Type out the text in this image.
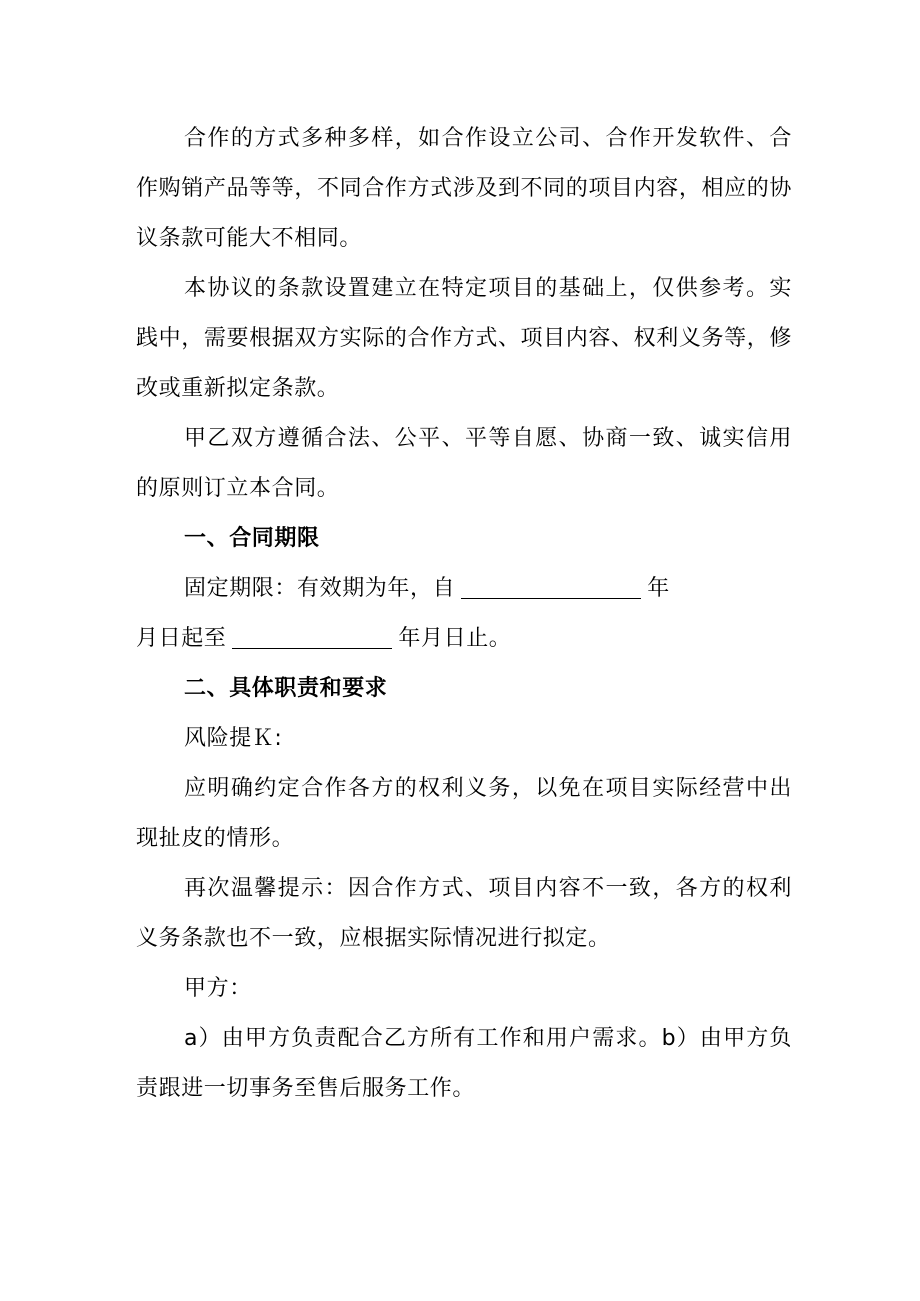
合作的方式多种多样，如合作设立公司、合作开发软件、合作购销产品等等，不同合作方式涉及到不同的项目内容，相应的协议条款可能大不相同。

本协议的条款设置建立在特定项目的基础上，仅供参考。实践中，需要根据双方实际的合作方式、项目内容、权利义务等，修改或重新拟定条款。

甲乙双方遵循合法、公平、平等自愿、协商一致、诚实信用的原则订立本合同。

一、合同期限

固定期限：有效期为年，自	年

月日起至	年月日止。

二、具体职责和要求

风险提Ｋ:

应明确约定合作各方的权利义务，以免在项目实际经营中出现扯皮的情形。

再次温馨提示：因合作方式、项目内容不一致，各方的权利义务条款也不一致，应根据实际情况进行拟定。

甲方：

a）由甲方负责配合乙方所有工作和用户需求。b）由甲方负责跟进一切事务至售后服务工作。
